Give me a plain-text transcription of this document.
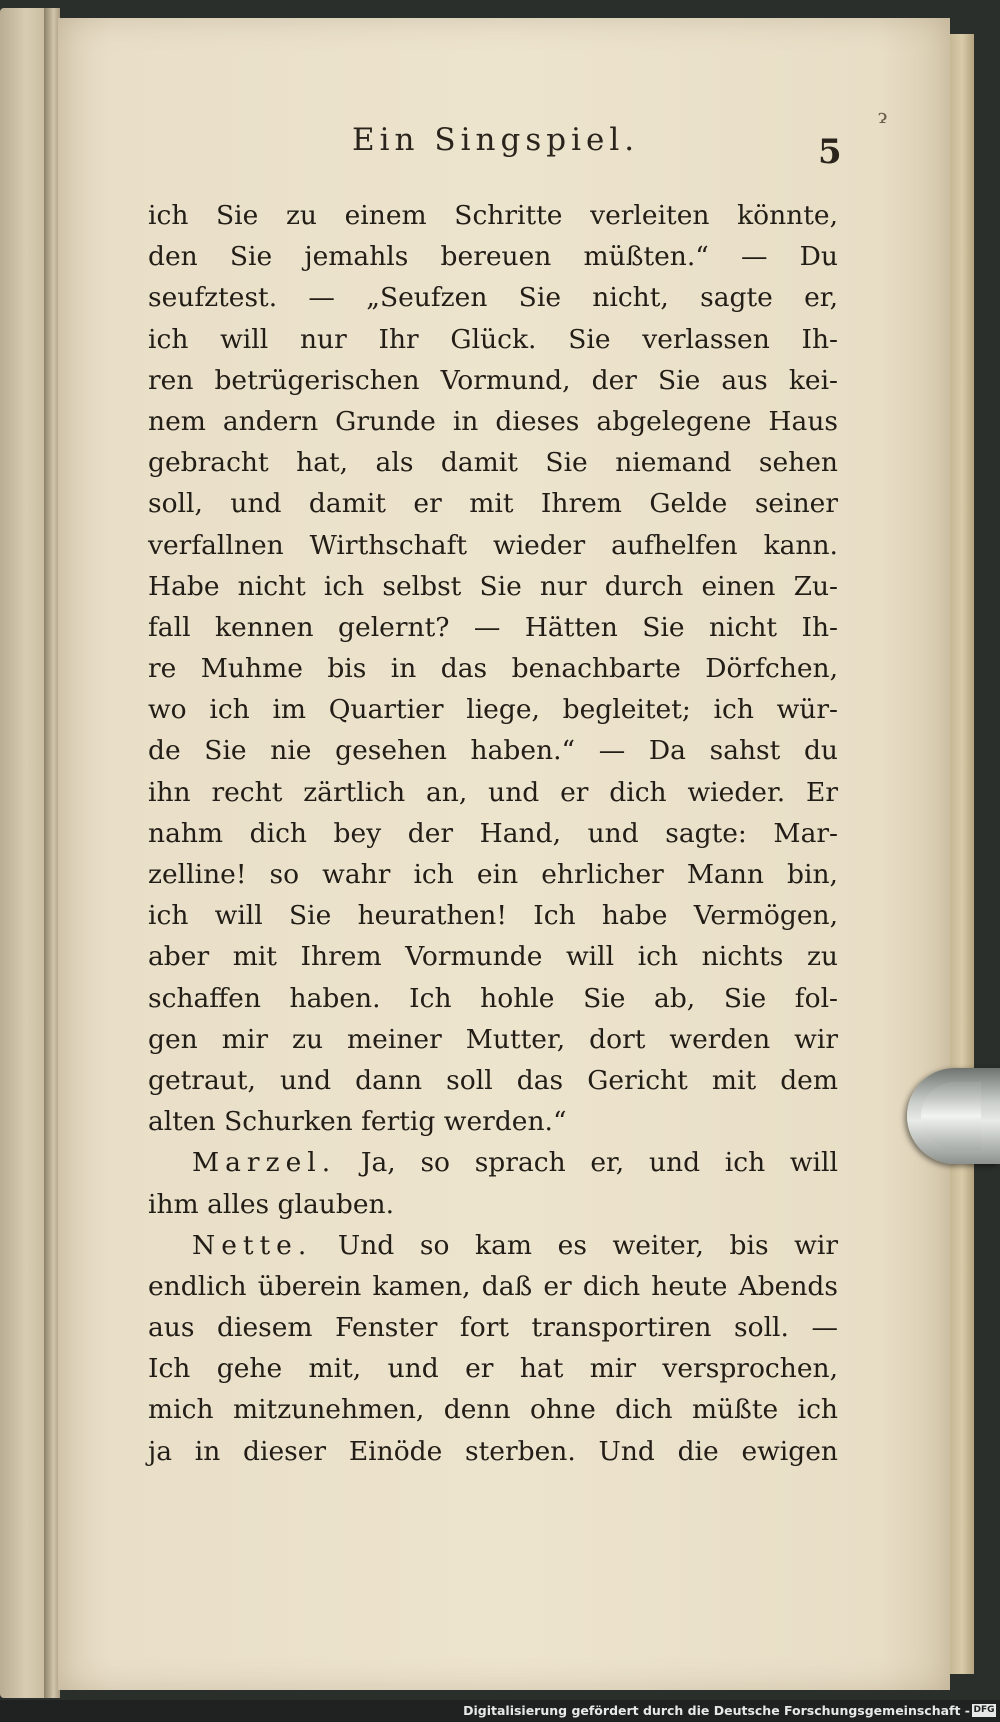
Ein Singspiel.	5
ɂ
ich Sie zu einem Schritte verleiten könnte,
den Sie jemahls bereuen müßten.“ — Du
seufztest. — „Seufzen Sie nicht, sagte er,
ich will nur Ihr Glück. Sie verlassen Ih-
ren betrügerischen Vormund, der Sie aus kei-
nem andern Grunde in dieses abgelegene Haus
gebracht hat, als damit Sie niemand sehen
soll, und damit er mit Ihrem Gelde seiner
verfallnen Wirthschaft wieder aufhelfen kann.
Habe nicht ich selbst Sie nur durch einen Zu-
fall kennen gelernt? — Hätten Sie nicht Ih-
re Muhme bis in das benachbarte Dörfchen,
wo ich im Quartier liege, begleitet; ich wür-
de Sie nie gesehen haben.“ — Da sahst du
ihn recht zärtlich an, und er dich wieder. Er
nahm dich bey der Hand, und sagte: Mar-
zelline! so wahr ich ein ehrlicher Mann bin,
ich will Sie heurathen! Ich habe Vermögen,
aber mit Ihrem Vormunde will ich nichts zu
schaffen haben. Ich hohle Sie ab, Sie fol-
gen mir zu meiner Mutter, dort werden wir
getraut, und dann soll das Gericht mit dem
alten Schurken fertig werden.“
Marzel. Ja, so sprach er, und ich will
ihm alles glauben.
Nette. Und so kam es weiter, bis wir
endlich überein kamen, daß er dich heute Abends
aus diesem Fenster fort transportiren soll. —
Ich gehe mit, und er hat mir versprochen,
mich mitzunehmen, denn ohne dich müßte ich
ja in dieser Einöde sterben. Und die ewigen
Digitalisierung gefördert durch die Deutsche Forschungsgemeinschaft - DFG
